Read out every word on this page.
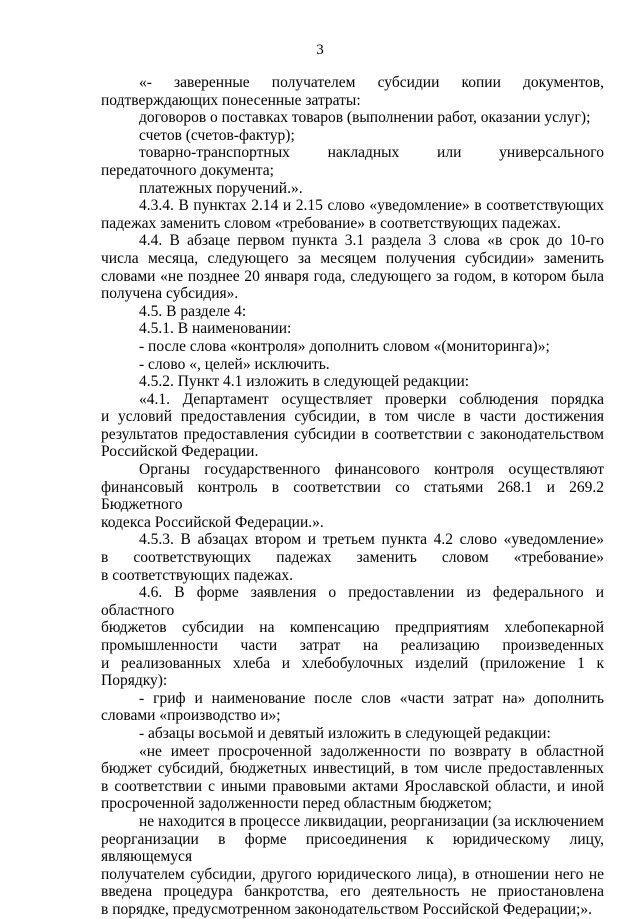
3

«- заверенные получателем субсидии копии документов,

подтверждающих понесенные затраты:

договоров о поставках товаров (выполнении работ, оказании услуг);

счетов (счетов-фактур);

товарно-транспортных накладных или универсального

передаточного документа;

платежных поручений.».

4.3.4. В пунктах 2.14 и 2.15 слово «уведомление» в соответствующих

падежах заменить словом «требование» в соответствующих падежах.

4.4. В абзаце первом пункта 3.1 раздела 3 слова «в срок до 10-го

числа месяца, следующего за месяцем получения субсидии» заменить

словами «не позднее 20 января года, следующего за годом, в котором была

получена субсидия».

4.5. В разделе 4:

4.5.1. В наименовании:

- после слова «контроля» дополнить словом «(мониторинга)»;

- слово «, целей» исключить.

4.5.2. Пункт 4.1 изложить в следующей редакции:

«4.1. Департамент осуществляет проверки соблюдения порядка

и условий предоставления субсидии, в том числе в части достижения

результатов предоставления субсидии в соответствии с законодательством

Российской Федерации.

Органы государственного финансового контроля осуществляют

финансовый контроль в соответствии со статьями 268.1 и 269.2 Бюджетного

кодекса Российской Федерации.».

4.5.3. В абзацах втором и третьем пункта 4.2 слово «уведомление»

в соответствующих падежах заменить словом «требование»

в соответствующих падежах.

4.6. В форме заявления о предоставлении из федерального и областного

бюджетов субсидии на компенсацию предприятиям хлебопекарной

промышленности части затрат на реализацию произведенных

и реализованных хлеба и хлебобулочных изделий (приложение 1 к Порядку):

- гриф и наименование после слов «части затрат на» дополнить

словами «производство и»;

- абзацы восьмой и девятый изложить в следующей редакции:

«не имеет просроченной задолженности по возврату в областной

бюджет субсидий, бюджетных инвестиций, в том числе предоставленных

в соответствии с иными правовыми актами Ярославской области, и иной

просроченной задолженности перед областным бюджетом;

не находится в процессе ликвидации, реорганизации (за исключением

реорганизации в форме присоединения к юридическому лицу, являющемуся

получателем субсидии, другого юридического лица), в отношении него не

введена процедура банкротства, его деятельность не приостановлена

в порядке, предусмотренном законодательством Российской Федерации;».
